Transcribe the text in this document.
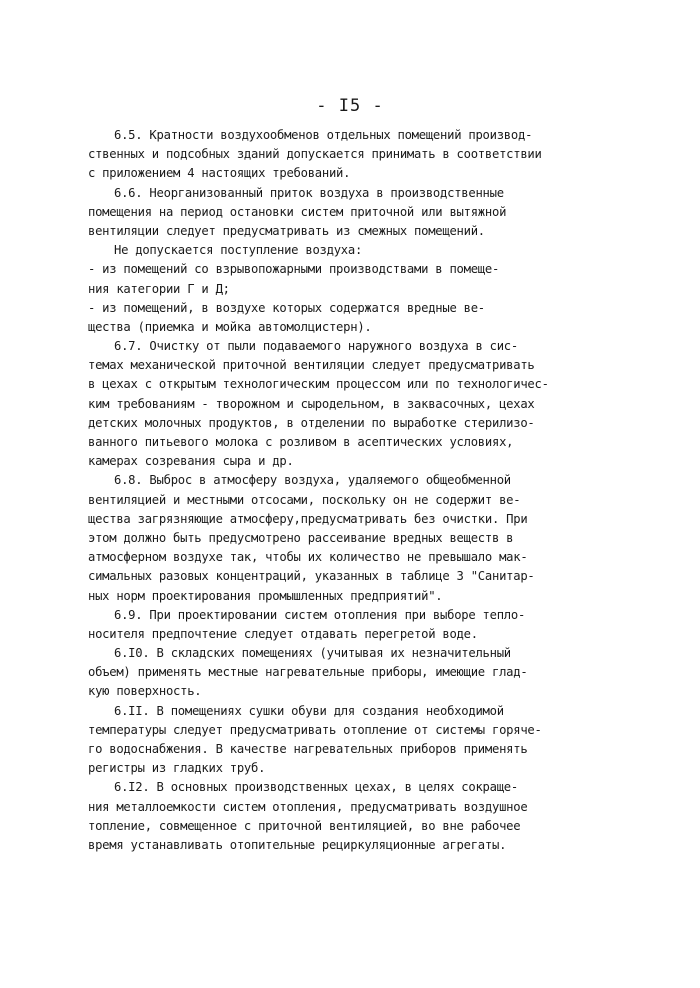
- I5 -
6.5. Кратности воздухообменов отдельных помещений производ-
ственных и подсобных зданий допускается принимать в соответствии
с приложением 4 настоящих требований.
6.6. Неорганизованный приток воздуха в производственные
помещения на период остановки систем приточной или вытяжной
вентиляции следует предусматривать из смежных помещений.
Не допускается поступление воздуха:
- из помещений со взрывопожарными производствами в помеще-
ния категории Г и Д;
- из помещений, в воздухе которых содержатся вредные ве-
щества (приемка и мойка автомолцистерн).
6.7. Очистку от пыли подаваемого наружного воздуха в сис-
темах механической приточной вентиляции следует предусматривать
в цехах с открытым технологическим процессом или по технологичес-
ким требованиям - творожном и сыродельном, в заквасочных, цехах
детских молочных продуктов, в отделении по выработке стерилизо-
ванного питьевого молока с розливом в асептических условиях,
камерах созревания сыра и др.
6.8. Выброс в атмосферу воздуха, удаляемого общеобменной
вентиляцией и местными отсосами, поскольку он не содержит ве-
щества загрязняющие атмосферу,предусматривать без очистки. При
этом должно быть предусмотрено рассеивание вредных веществ в
атмосферном воздухе так, чтобы их количество не превышало мак-
симальных разовых концентраций, указанных в таблице 3 "Санитар-
ных норм проектирования промышленных предприятий".
6.9. При проектировании систем отопления при выборе теплo-
носителя предпочтение следует отдавать перегретой воде.
6.I0. В складских помещениях (учитывая их незначительный
объем) применять местные нагревательные приборы, имеющие глад-
кую поверхность.
6.II. В помещениях сушки обуви для создания необходимой
температуры следует предусматривать отопление от системы горяче-
го водоснабжения. В качестве нагревательных приборов применять
регистры из гладких труб.
6.I2. В основных производственных цехах, в целях сокраще-
ния металлоемкости систем отопления, предусматривать воздушное
топление, совмещенное с приточной вентиляцией, во вне рабочее
время устанавливать отопительные рециркуляционные агрегаты.
